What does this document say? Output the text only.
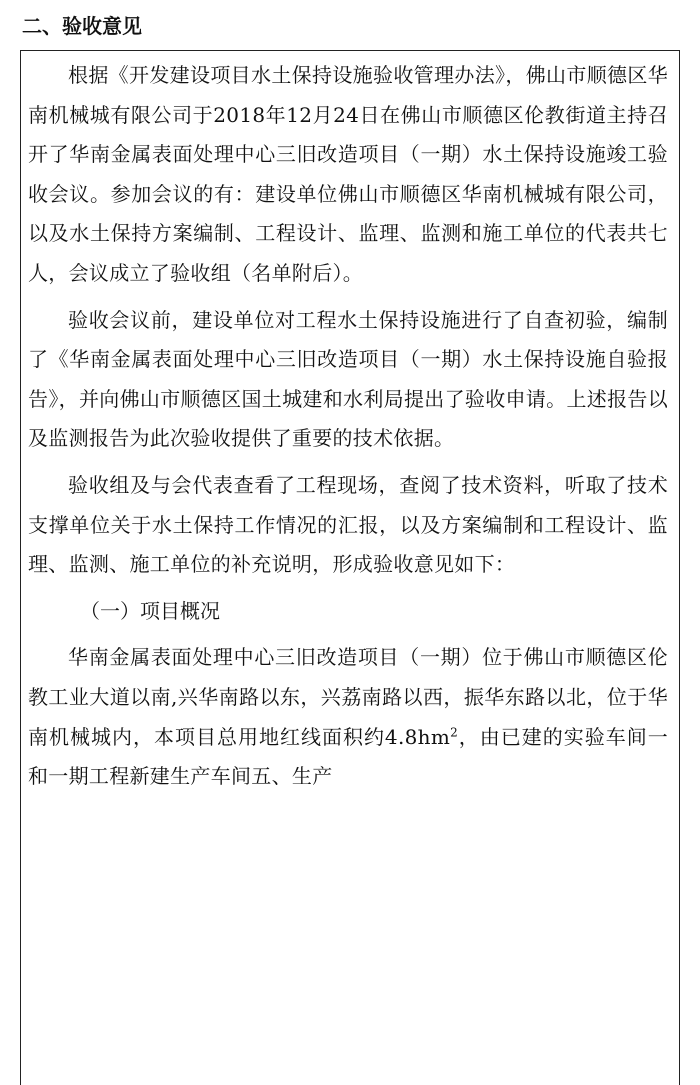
二、验收意见

根据《开发建设项目水土保持设施验收管理办法》，佛山市顺德区华南机械城有限公司于2018年12月24日在佛山市顺德区伦教街道主持召开了华南金属表面处理中心三旧改造项目（一期）水土保持设施竣工验收会议。参加会议的有：建设单位佛山市顺德区华南机械城有限公司，以及水土保持方案编制、工程设计、监理、监测和施工单位的代表共七人，会议成立了验收组（名单附后）。

验收会议前，建设单位对工程水土保持设施进行了自查初验，编制了《华南金属表面处理中心三旧改造项目（一期）水土保持设施自验报告》，并向佛山市顺德区国土城建和水利局提出了验收申请。上述报告以及监测报告为此次验收提供了重要的技术依据。

验收组及与会代表查看了工程现场，查阅了技术资料，听取了技术支撑单位关于水土保持工作情况的汇报，以及方案编制和工程设计、监理、监测、施工单位的补充说明，形成验收意见如下：

（一）项目概况

华南金属表面处理中心三旧改造项目（一期）位于佛山市顺德区伦教工业大道以南,兴华南路以东，兴荔南路以西，振华东路以北，位于华南机械城内，本项目总用地红线面积约$4.8hm^2$，由已建的实验车间一和一期工程新建生产车间五、生产
